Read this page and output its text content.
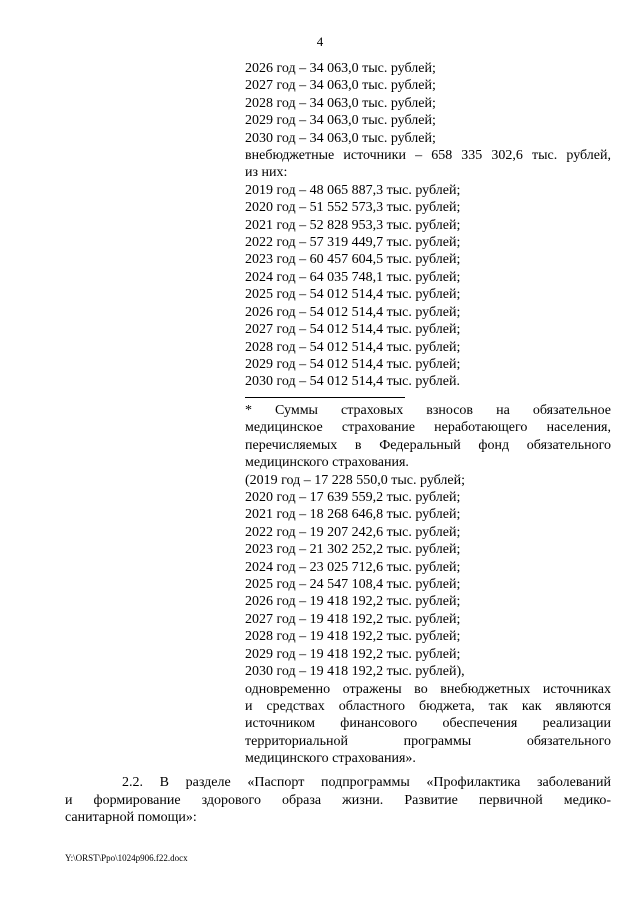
4
2026 год – 34 063,0 тыс. рублей;
2027 год – 34 063,0 тыс. рублей;
2028 год – 34 063,0 тыс. рублей;
2029 год – 34 063,0 тыс. рублей;
2030 год – 34 063,0 тыс. рублей;
внебюджетные источники – 658 335 302,6 тыс. рублей,
из них:
2019 год – 48 065 887,3 тыс. рублей;
2020 год – 51 552 573,3 тыс. рублей;
2021 год – 52 828 953,3 тыс. рублей;
2022 год – 57 319 449,7 тыс. рублей;
2023 год – 60 457 604,5 тыс. рублей;
2024 год – 64 035 748,1 тыс. рублей;
2025 год – 54 012 514,4 тыс. рублей;
2026 год – 54 012 514,4 тыс. рублей;
2027 год – 54 012 514,4 тыс. рублей;
2028 год – 54 012 514,4 тыс. рублей;
2029 год – 54 012 514,4 тыс. рублей;
2030 год – 54 012 514,4 тыс. рублей.
* Суммы страховых взносов на обязательное
медицинское страхование неработающего населения,
перечисляемых в Федеральный фонд обязательного
медицинского страхования.
(2019 год – 17 228 550,0 тыс. рублей;
2020 год – 17 639 559,2 тыс. рублей;
2021 год – 18 268 646,8 тыс. рублей;
2022 год – 19 207 242,6 тыс. рублей;
2023 год – 21 302 252,2 тыс. рублей;
2024 год – 23 025 712,6 тыс. рублей;
2025 год – 24 547 108,4 тыс. рублей;
2026 год – 19 418 192,2 тыс. рублей;
2027 год – 19 418 192,2 тыс. рублей;
2028 год – 19 418 192,2 тыс. рублей;
2029 год – 19 418 192,2 тыс. рублей;
2030 год – 19 418 192,2 тыс. рублей),
одновременно отражены во внебюджетных источниках
и средствах областного бюджета, так как являются
источником финансового обеспечения реализации
территориальной программы обязательного
медицинского страхования».
2.2. В разделе «Паспорт подпрограммы «Профилактика заболеваний
и формирование здорового образа жизни. Развитие первичной медико-
санитарной помощи»:
Y:\ORST\Ppo\1024p906.f22.docx
